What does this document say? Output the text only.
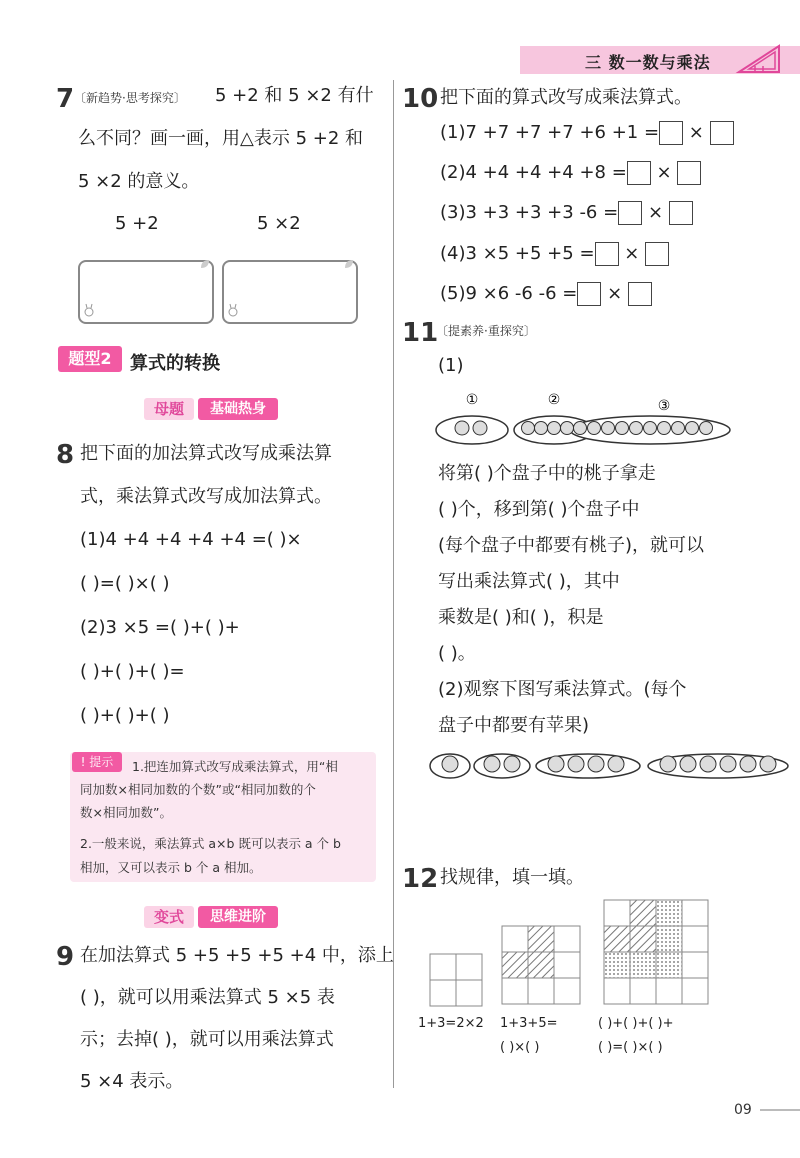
三 数一数与乘法
7 〔新趋势·思考探究〕 5 +2 和 5 ×2 有什
么不同？画一画，用△表示 5 +2 和
5 ×2 的意义。
5 +2	5 ×2
题型2	算式的转换
母题	基础热身
8 把下面的加法算式改写成乘法算
式，乘法算式改写成加法算式。
(1)4 +4 +4 +4 +4 =( )×
( )=( )×( )
(2)3 ×5 =( )+( )+
( )+( )+( )=
( )+( )+( )
! 提示	1.把连加算式改写成乘法算式，用“相
同加数×相同加数的个数”或“相同加数的个
数×相同加数”。
2.一般来说，乘法算式 a×b 既可以表示 a 个 b
相加，又可以表示 b 个 a 相加。
变式	思维进阶
9 在加法算式 5 +5 +5 +5 +4 中，添上
( )，就可以用乘法算式 5 ×5 表
示；去掉( )，就可以用乘法算式
5 ×4 表示。
10 把下面的算式改写成乘法算式。
(1)7 +7 +7 +7 +6 +1 = ×
(2)4 +4 +4 +4 +8 = ×
(3)3 +3 +3 +3 -6 = ×
(4)3 ×5 +5 +5 = ×
(5)9 ×6 -6 -6 = ×
11
〔提素养·重探究〕
(1)
①	②	③
将第( )个盘子中的桃子拿走
( )个，移到第( )个盘子中
(每个盘子中都要有桃子)，就可以
写出乘法算式( )，其中
乘数是( )和( )，积是
( )。
(2)观察下图写乘法算式。(每个
盘子中都要有苹果)
12 找规律，填一填。
1+3=2×2 1+3+5=
( )×( )
( )+( )+( )+
( )=( )×( )
09
